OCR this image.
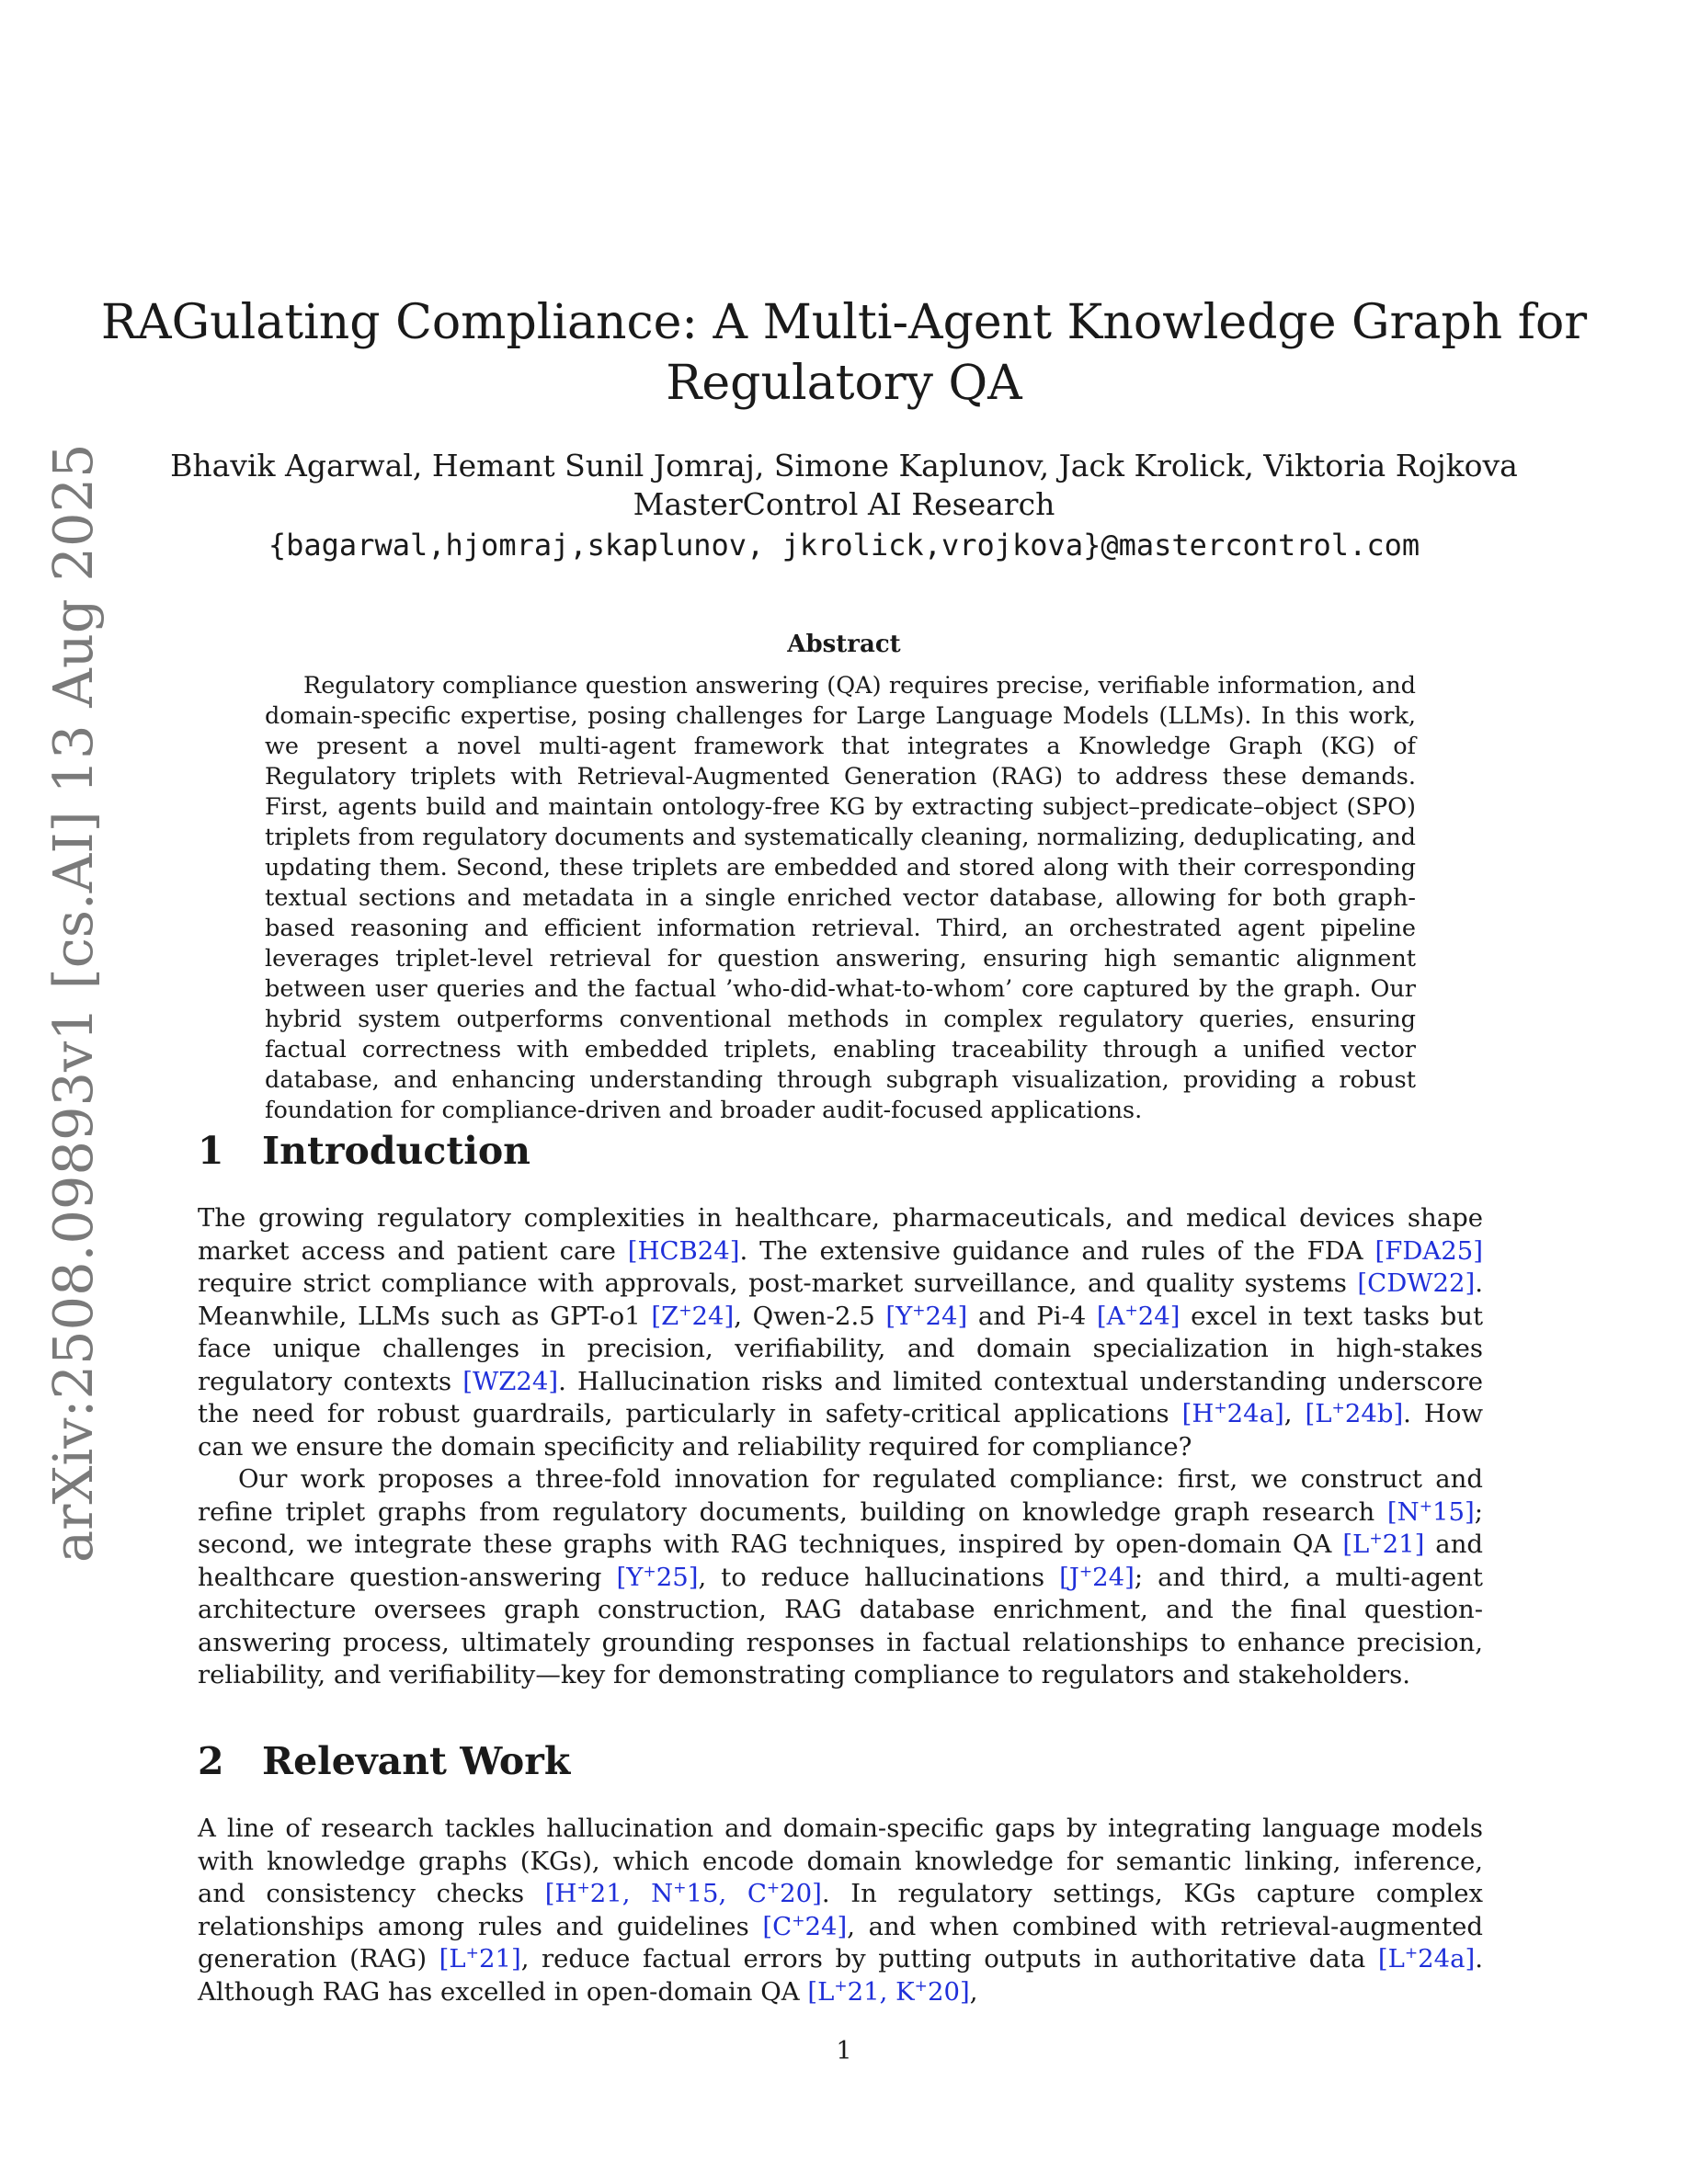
arXiv:2508.09893v1 [cs.AI] 13 Aug 2025
RAGulating Compliance: A Multi-Agent Knowledge Graph for
Regulatory QA
Bhavik Agarwal, Hemant Sunil Jomraj, Simone Kaplunov, Jack Krolick, Viktoria Rojkova
MasterControl AI Research
{bagarwal,hjomraj,skaplunov, jkrolick,vrojkova}@mastercontrol.com
Abstract
Regulatory compliance question answering (QA) requires precise, verifiable information, and domain-specific expertise, posing challenges for Large Language Models (LLMs). In this work, we present a novel multi-agent framework that integrates a Knowledge Graph (KG) of Regulatory triplets with Retrieval-Augmented Generation (RAG) to address these demands. First, agents build and maintain ontology-free KG by extracting subject–predicate–object (SPO) triplets from regulatory documents and systematically cleaning, normalizing, deduplicating, and updating them. Second, these triplets are embedded and stored along with their corresponding textual sections and metadata in a single enriched vector database, allowing for both graph-based reasoning and efficient information retrieval. Third, an orchestrated agent pipeline leverages triplet-level retrieval for question answering, ensuring high semantic alignment between user queries and the factual ’who-did-what-to-whom’ core captured by the graph. Our hybrid system outperforms conventional methods in complex regulatory queries, ensuring factual correctness with embedded triplets, enabling traceability through a unified vector database, and enhancing understanding through subgraph visualization, providing a robust foundation for compliance-driven and broader audit-focused applications.
1 Introduction

The growing regulatory complexities in healthcare, pharmaceuticals, and medical devices shape market access and patient care [HCB24]. The extensive guidance and rules of the FDA [FDA25] require strict compliance with approvals, post-market surveillance, and quality systems [CDW22]. Meanwhile, LLMs such as GPT-o1 [Z+24], Qwen-2.5 [Y+24] and Pi-4 [A+24] excel in text tasks but face unique challenges in precision, verifiability, and domain specialization in high-stakes regulatory contexts [WZ24]. Hallucination risks and limited contextual understanding underscore the need for robust guardrails, particularly in safety-critical applications [H+24a], [L+24b]. How can we ensure the domain specificity and reliability required for compliance?

Our work proposes a three-fold innovation for regulated compliance: first, we construct and refine triplet graphs from regulatory documents, building on knowledge graph research [N+15]; second, we integrate these graphs with RAG techniques, inspired by open-domain QA [L+21] and healthcare question-answering [Y+25], to reduce hallucinations [J+24]; and third, a multi-agent architecture oversees graph construction, RAG database enrichment, and the final question-answering process, ultimately grounding responses in factual relationships to enhance precision, reliability, and verifiability—key for demonstrating compliance to regulators and stakeholders.

2 Relevant Work

A line of research tackles hallucination and domain-specific gaps by integrating language models with knowledge graphs (KGs), which encode domain knowledge for semantic linking, inference, and consistency checks [H+21, N+15, C+20]. In regulatory settings, KGs capture complex relationships among rules and guidelines [C+24], and when combined with retrieval-augmented generation (RAG) [L+21], reduce factual errors by putting outputs in authoritative data [L+24a]. Although RAG has excelled in open-domain QA [L+21, K+20],

1
